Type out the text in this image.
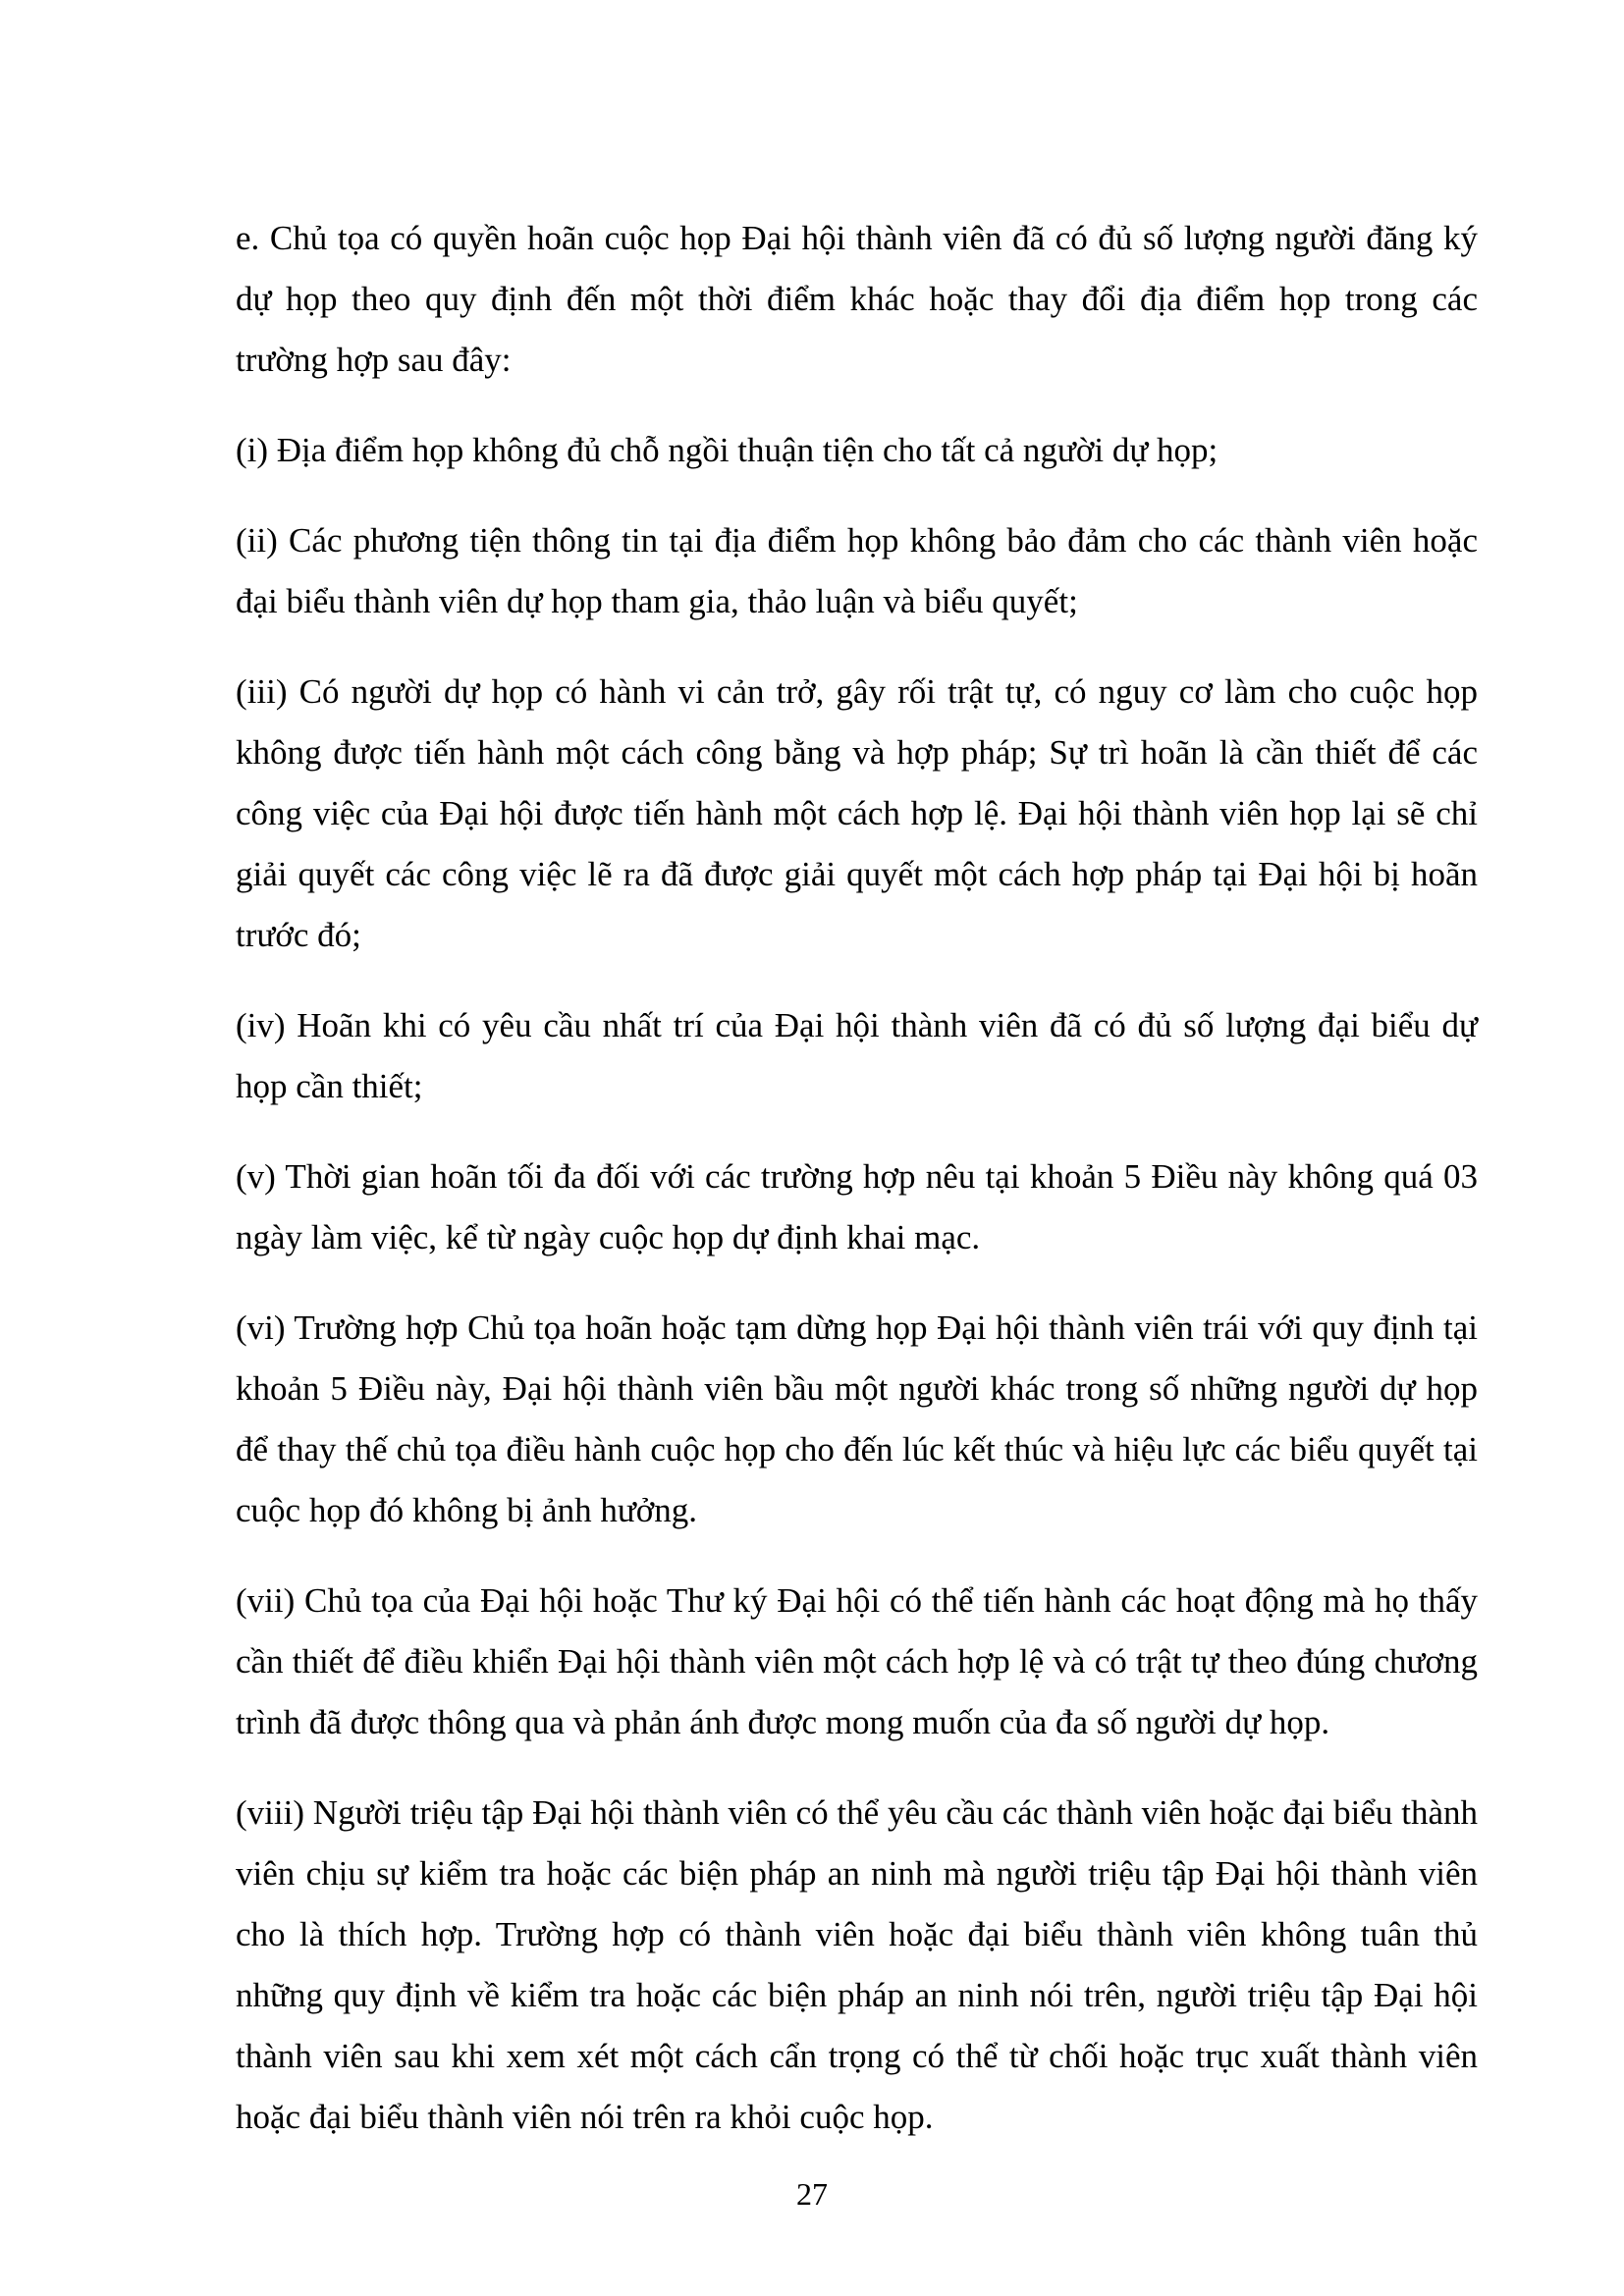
e. Chủ tọa có quyền hoãn cuộc họp Đại hội thành viên đã có đủ số lượng người đăng ký dự họp theo quy định đến một thời điểm khác hoặc thay đổi địa điểm họp trong các trường hợp sau đây:

(i) Địa điểm họp không đủ chỗ ngồi thuận tiện cho tất cả người dự họp;

(ii) Các phương tiện thông tin tại địa điểm họp không bảo đảm cho các thành viên hoặc đại biểu thành viên dự họp tham gia, thảo luận và biểu quyết;

(iii) Có người dự họp có hành vi cản trở, gây rối trật tự, có nguy cơ làm cho cuộc họp không được tiến hành một cách công bằng và hợp pháp; Sự trì hoãn là cần thiết để các công việc của Đại hội được tiến hành một cách hợp lệ. Đại hội thành viên họp lại sẽ chỉ giải quyết các công việc lẽ ra đã được giải quyết một cách hợp pháp tại Đại hội bị hoãn trước đó;

(iv) Hoãn khi có yêu cầu nhất trí của Đại hội thành viên đã có đủ số lượng đại biểu dự họp cần thiết;

(v) Thời gian hoãn tối đa đối với các trường hợp nêu tại khoản 5 Điều này không quá 03 ngày làm việc, kể từ ngày cuộc họp dự định khai mạc.

(vi) Trường hợp Chủ tọa hoãn hoặc tạm dừng họp Đại hội thành viên trái với quy định tại khoản 5 Điều này, Đại hội thành viên bầu một người khác trong số những người dự họp để thay thế chủ tọa điều hành cuộc họp cho đến lúc kết thúc và hiệu lực các biểu quyết tại cuộc họp đó không bị ảnh hưởng.

(vii) Chủ tọa của Đại hội hoặc Thư ký Đại hội có thể tiến hành các hoạt động mà họ thấy cần thiết để điều khiển Đại hội thành viên một cách hợp lệ và có trật tự theo đúng chương trình đã được thông qua và phản ánh được mong muốn của đa số người dự họp.

(viii) Người triệu tập Đại hội thành viên có thể yêu cầu các thành viên hoặc đại biểu thành viên chịu sự kiểm tra hoặc các biện pháp an ninh mà người triệu tập Đại hội thành viên cho là thích hợp. Trường hợp có thành viên hoặc đại biểu thành viên không tuân thủ những quy định về kiểm tra hoặc các biện pháp an ninh nói trên, người triệu tập Đại hội thành viên sau khi xem xét một cách cẩn trọng có thể từ chối hoặc trục xuất thành viên hoặc đại biểu thành viên nói trên ra khỏi cuộc họp.

27
